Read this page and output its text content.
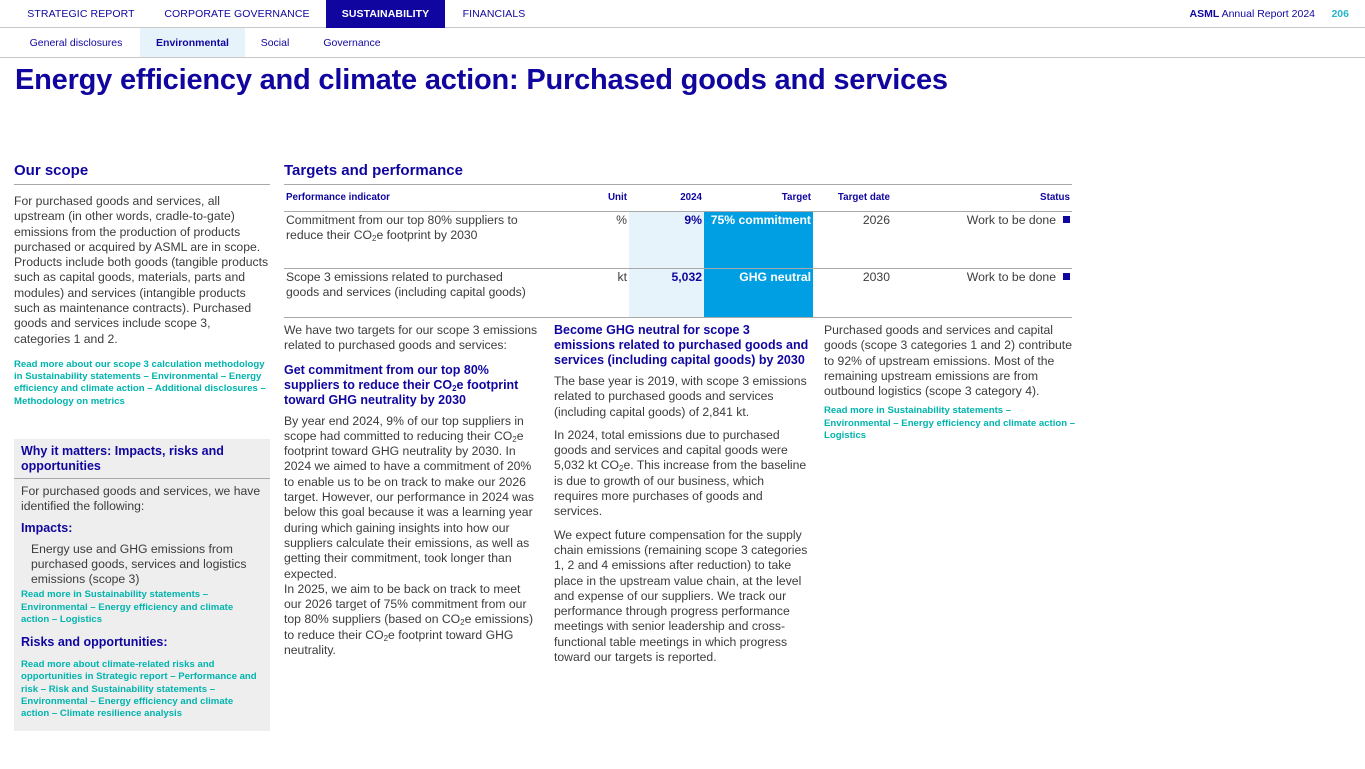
STRATEGIC REPORT	CORPORATE GOVERNANCE	SUSTAINABILITY	FINANCIALS	ASML Annual Report 2024 206
General disclosures	Environmental	Social	Governance
Energy efficiency and climate action: Purchased goods and services
Our scope
For purchased goods and services, all upstream (in other words, cradle-to-gate) emissions from the production of products purchased or acquired by ASML are in scope. Products include both goods (tangible products such as capital goods, materials, parts and modules) and services (intangible products such as maintenance contracts). Purchased goods and services include scope 3, categories 1 and 2.
Read more about our scope 3 calculation methodology in Sustainability statements – Environmental – Energy efficiency and climate action – Additional disclosures – Methodology on metrics
Why it matters: Impacts, risks and opportunities
For purchased goods and services, we have identified the following:
Impacts:
Energy use and GHG emissions from purchased goods, services and logistics emissions (scope 3)
Read more in Sustainability statements – Environmental – Energy efficiency and climate action – Logistics
Risks and opportunities:
Read more about climate-related risks and opportunities in Strategic report – Performance and risk – Risk and Sustainability statements – Environmental – Energy efficiency and climate action – Climate resilience analysis
Targets and performance
Performance indicator	Unit	2024	Target	Target date	Status
Commitment from our top 80% suppliers to reduce their $CO_2e$ footprint by 2030	%	9%	75% commitment	2026	Work to be done
Scope 3 emissions related to purchased goods and services (including capital goods)	kt	5,032	GHG neutral	2030	Work to be done
We have two targets for our scope 3 emissions related to purchased goods and services:
Get commitment from our top 80% suppliers to reduce their $CO_2e$ footprint toward GHG neutrality by 2030
By year end 2024, 9% of our top suppliers in scope had committed to reducing their $CO_2e$ footprint toward GHG neutrality by 2030. In 2024 we aimed to have a commitment of 20% to enable us to be on track to make our 2026 target. However, our performance in 2024 was below this goal because it was a learning year during which gaining insights into how our suppliers calculate their emissions, as well as getting their commitment, took longer than expected.
In 2025, we aim to be back on track to meet our 2026 target of 75% commitment from our top 80% suppliers (based on $CO_2e$ emissions) to reduce their $CO_2e$ footprint toward GHG neutrality.
Become GHG neutral for scope 3 emissions related to purchased goods and services (including capital goods) by 2030
The base year is 2019, with scope 3 emissions related to purchased goods and services (including capital goods) of 2,841 kt.
In 2024, total emissions due to purchased goods and services and capital goods were 5,032 kt $CO_2e$. This increase from the baseline is due to growth of our business, which requires more purchases of goods and services.
We expect future compensation for the supply chain emissions (remaining scope 3 categories 1, 2 and 4 emissions after reduction) to take place in the upstream value chain, at the level and expense of our suppliers. We track our performance through progress performance meetings with senior leadership and cross-functional table meetings in which progress toward our targets is reported.
Purchased goods and services and capital goods (scope 3 categories 1 and 2) contribute to 92% of upstream emissions. Most of the remaining upstream emissions are from outbound logistics (scope 3 category 4).
Read more in Sustainability statements – Environmental – Energy efficiency and climate action – Logistics
